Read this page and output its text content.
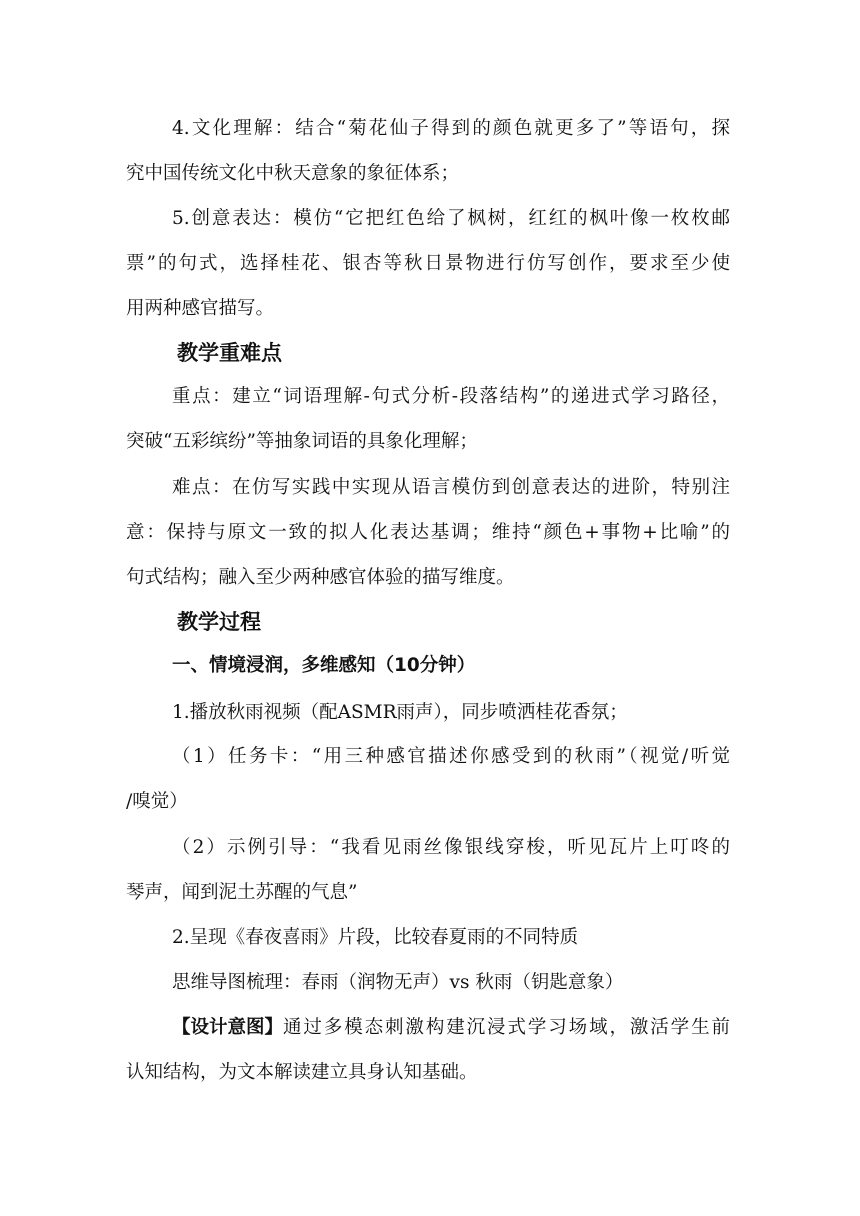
4.文化理解：结合“菊花仙子得到的颜色就更多了”等语句，探
究中国传统文化中秋天意象的象征体系；
5.创意表达：模仿“它把红色给了枫树，红红的枫叶像一枚枚邮
票”的句式，选择桂花、银杏等秋日景物进行仿写创作，要求至少使
用两种感官描写。
教学重难点
重点：建立“词语理解-句式分析-段落结构”的递进式学习路径，
突破“五彩缤纷”等抽象词语的具象化理解；
难点：在仿写实践中实现从语言模仿到创意表达的进阶，特别注
意：保持与原文一致的拟人化表达基调；维持“颜色+事物+比喻”的
句式结构；融入至少两种感官体验的描写维度。
教学过程
一、情境浸润，多维感知（10分钟）
1.播放秋雨视频（配ASMR雨声），同步喷洒桂花香氛；
（1）任务卡：“用三种感官描述你感受到的秋雨”（视觉/听觉
/嗅觉）
（2）示例引导：“我看见雨丝像银线穿梭，听见瓦片上叮咚的
琴声，闻到泥土苏醒的气息”
2.呈现《春夜喜雨》片段，比较春夏雨的不同特质
思维导图梳理：春雨（润物无声）vs 秋雨（钥匙意象）
【设计意图】 通过多模态刺激构建沉浸式学习场域，激活学生前
认知结构，为文本解读建立具身认知基础。
